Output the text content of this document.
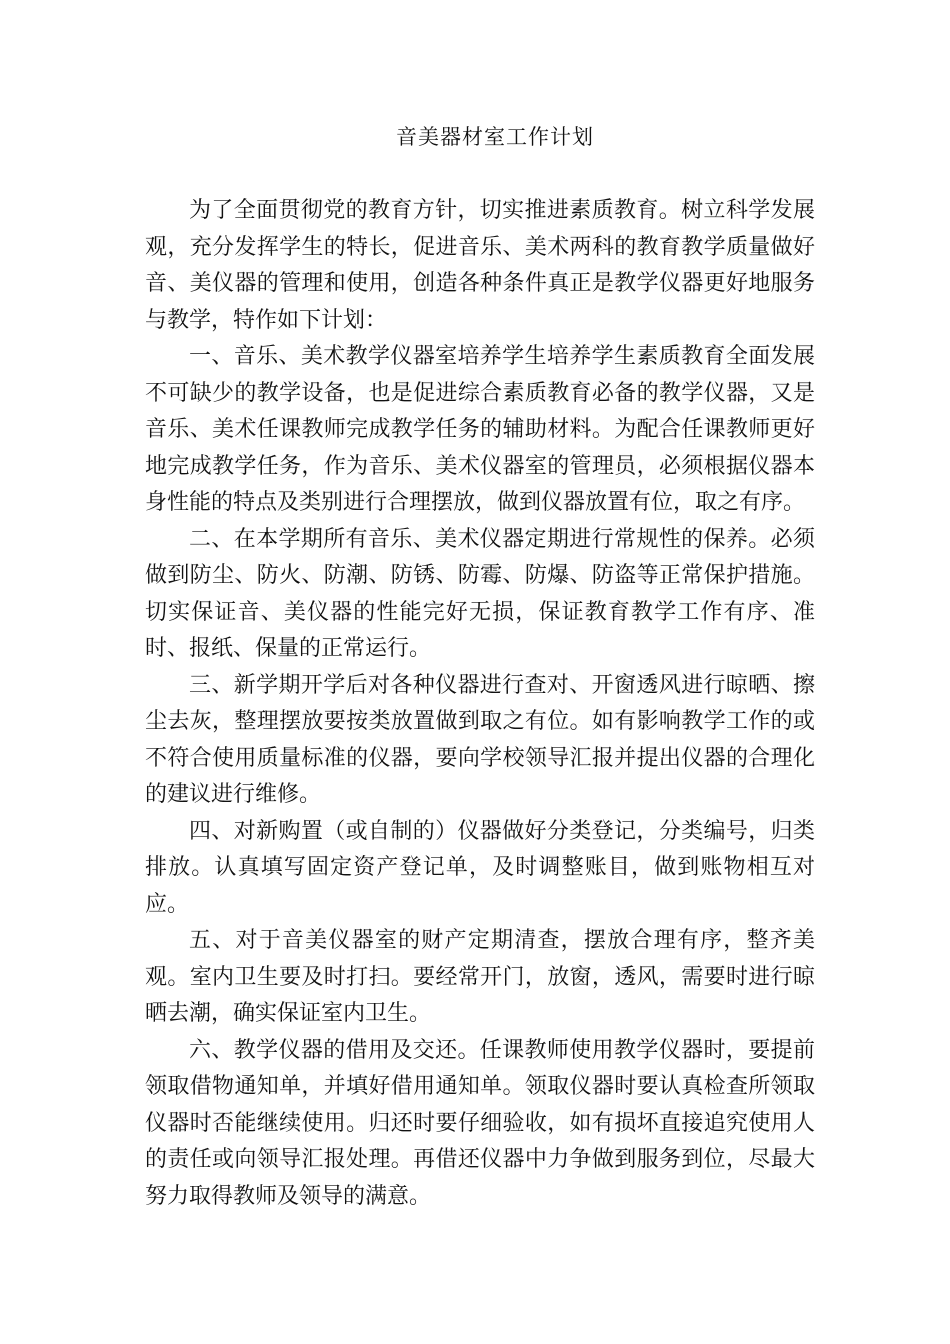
音美器材室工作计划

为了全面贯彻党的教育方针，切实推进素质教育。树立科学发展观，充分发挥学生的特长，促进音乐、美术两科的教育教学质量做好音、美仪器的管理和使用，创造各种条件真正是教学仪器更好地服务与教学，特作如下计划：

一、音乐、美术教学仪器室培养学生培养学生素质教育全面发展不可缺少的教学设备，也是促进综合素质教育必备的教学仪器，又是音乐、美术任课教师完成教学任务的辅助材料。为配合任课教师更好地完成教学任务，作为音乐、美术仪器室的管理员，必须根据仪器本身性能的特点及类别进行合理摆放，做到仪器放置有位，取之有序。

二、在本学期所有音乐、美术仪器定期进行常规性的保养。必须做到防尘、防火、防潮、防锈、防霉、防爆、防盗等正常保护措施。切实保证音、美仪器的性能完好无损，保证教育教学工作有序、准时、报纸、保量的正常运行。

三、新学期开学后对各种仪器进行查对、开窗透风进行晾晒、擦尘去灰，整理摆放要按类放置做到取之有位。如有影响教学工作的或不符合使用质量标准的仪器，要向学校领导汇报并提出仪器的合理化的建议进行维修。

四、对新购置（或自制的）仪器做好分类登记，分类编号，归类排放。认真填写固定资产登记单，及时调整账目，做到账物相互对应。

五、对于音美仪器室的财产定期清查，摆放合理有序，整齐美观。室内卫生要及时打扫。要经常开门，放窗，透风，需要时进行晾晒去潮，确实保证室内卫生。

六、教学仪器的借用及交还。任课教师使用教学仪器时，要提前领取借物通知单，并填好借用通知单。领取仪器时要认真检查所领取仪器时否能继续使用。归还时要仔细验收，如有损坏直接追究使用人的责任或向领导汇报处理。再借还仪器中力争做到服务到位，尽最大努力取得教师及领导的满意。
